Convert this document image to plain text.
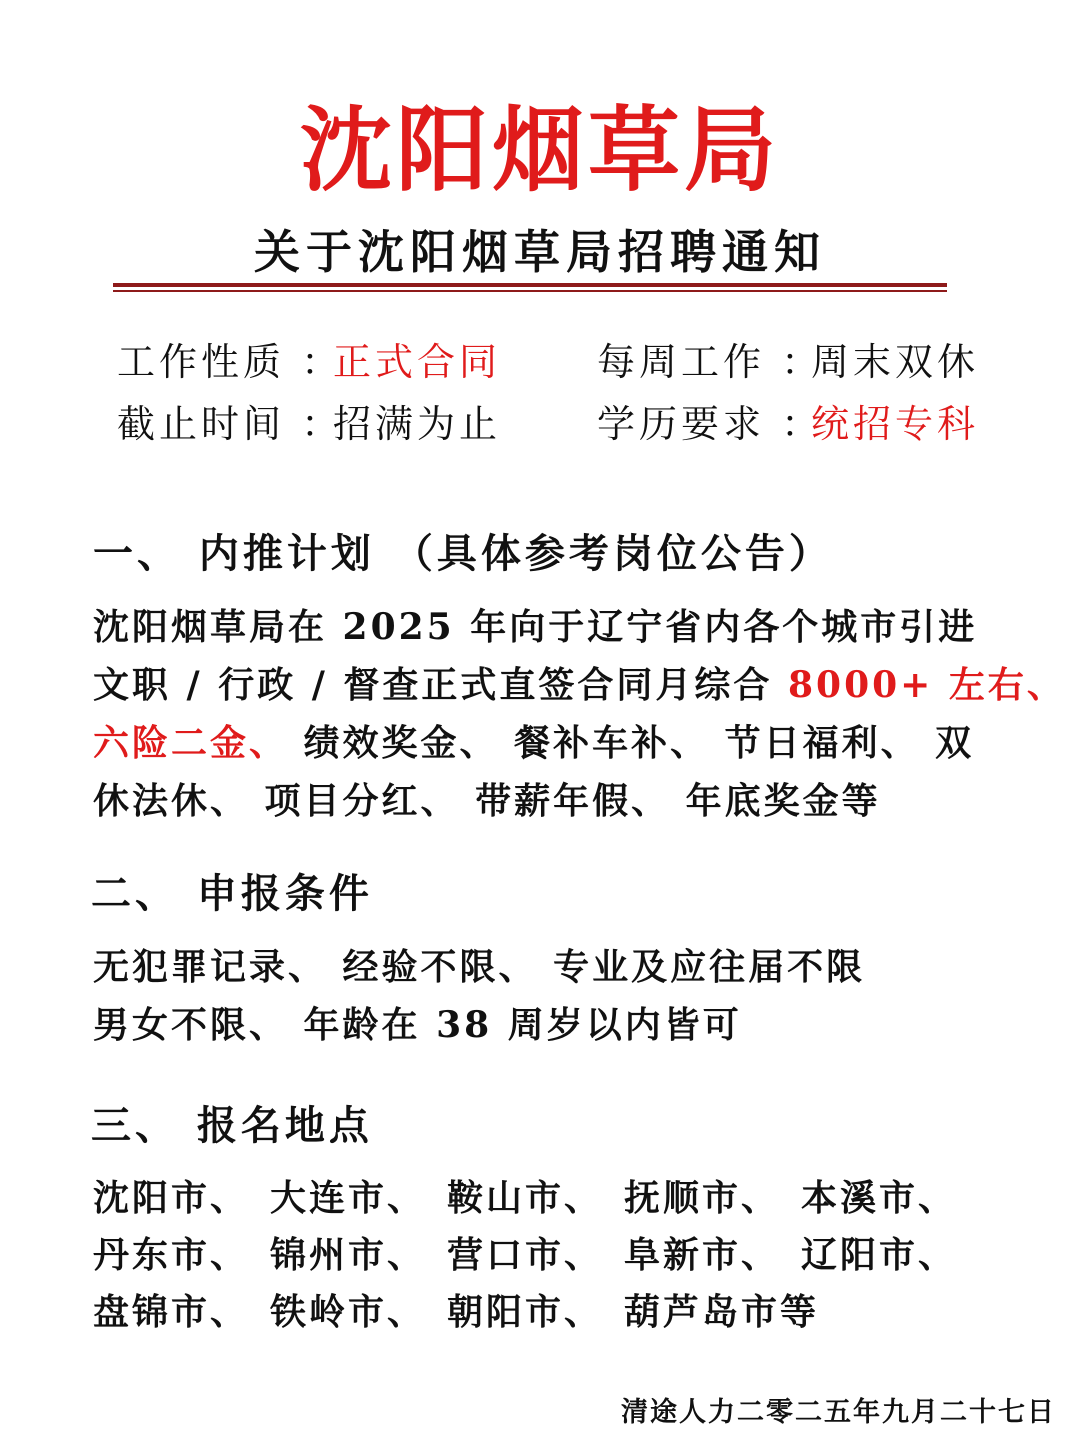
沈阳烟草局
关于沈阳烟草局招聘通知
工作性质 ：
正式合同	每周工作 ：
周末双休
截止时间 ：
招满为止	学历要求 ：
统招专科
一、 内推计划 （具体参考岗位公告）
沈阳烟草局在 2025 年向于辽宁省内各个城市引进
文职 / 行政 / 督查正式直签合同月综合 8000+ 左右、
六险二金、 绩效奖金、 餐补车补、 节日福利、 双
休法休、 项目分红、 带薪年假、 年底奖金等
二、 申报条件
无犯罪记录、 经验不限、 专业及应往届不限
男女不限、 年龄在 38 周岁以内皆可
三、 报名地点
沈阳市、 大连市、 鞍山市、 抚顺市、 本溪市、
丹东市、 锦州市、 营口市、 阜新市、 辽阳市、
盘锦市、 铁岭市、 朝阳市、 葫芦岛市等
清途人力二零二五年九月二十七日
